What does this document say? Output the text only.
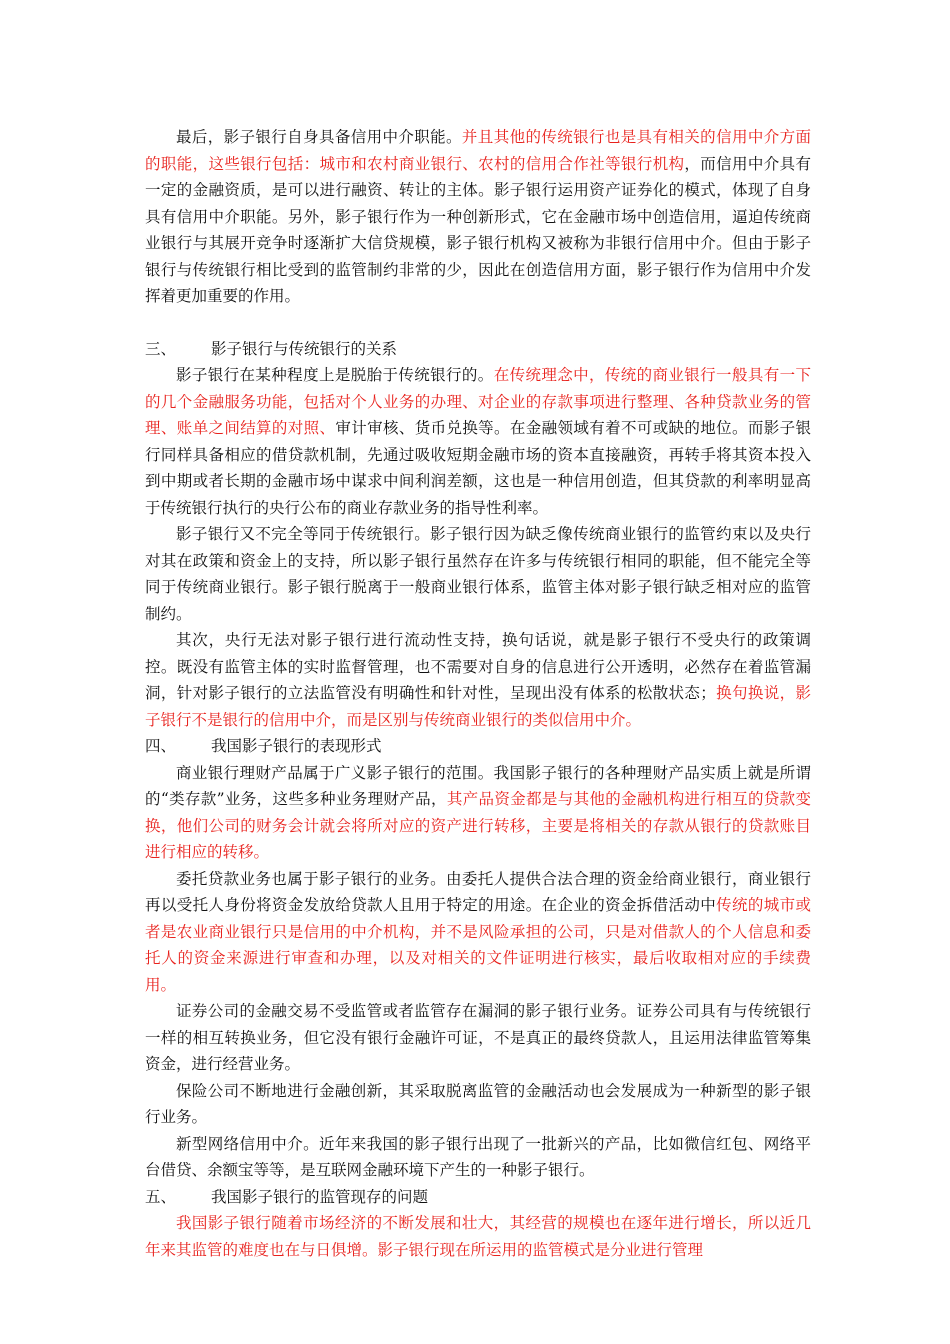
最后，影子银行自身具备信用中介职能。并且其他的传统银行也是具有相关的信用中介方面的职能，这些银行包括：城市和农村商业银行、农村的信用合作社等银行机构，而信用中介具有一定的金融资质，是可以进行融资、转让的主体。影子银行运用资产证券化的模式，体现了自身具有信用中介职能。另外，影子银行作为一种创新形式，它在金融市场中创造信用，逼迫传统商业银行与其展开竞争时逐渐扩大信贷规模，影子银行机构又被称为非银行信用中介。但由于影子银行与传统银行相比受到的监管制约非常的少，因此在创造信用方面，影子银行作为信用中介发挥着更加重要的作用。

三、 影子银行与传统银行的关系

影子银行在某种程度上是脱胎于传统银行的。在传统理念中，传统的商业银行一般具有一下的几个金融服务功能，包括对个人业务的办理、对企业的存款事项进行整理、各种贷款业务的管理、账单之间结算的对照、审计审核、货币兑换等。在金融领域有着不可或缺的地位。而影子银行同样具备相应的借贷款机制，先通过吸收短期金融市场的资本直接融资，再转手将其资本投入到中期或者长期的金融市场中谋求中间利润差额，这也是一种信用创造，但其贷款的利率明显高于传统银行执行的央行公布的商业存款业务的指导性利率。

影子银行又不完全等同于传统银行。影子银行因为缺乏像传统商业银行的监管约束以及央行对其在政策和资金上的支持，所以影子银行虽然存在许多与传统银行相同的职能，但不能完全等同于传统商业银行。影子银行脱离于一般商业银行体系，监管主体对影子银行缺乏相对应的监管制约。

其次，央行无法对影子银行进行流动性支持，换句话说，就是影子银行不受央行的政策调控。既没有监管主体的实时监督管理，也不需要对自身的信息进行公开透明，必然存在着监管漏洞，针对影子银行的立法监管没有明确性和针对性，呈现出没有体系的松散状态；换句换说，影子银行不是银行的信用中介，而是区别与传统商业银行的类似信用中介。

四、 我国影子银行的表现形式

商业银行理财产品属于广义影子银行的范围。我国影子银行的各种理财产品实质上就是所谓的“类存款”业务，这些多种业务理财产品，其产品资金都是与其他的金融机构进行相互的贷款变换，他们公司的财务会计就会将所对应的资产进行转移，主要是将相关的存款从银行的贷款账目进行相应的转移。

委托贷款业务也属于影子银行的业务。由委托人提供合法合理的资金给商业银行，商业银行再以受托人身份将资金发放给贷款人且用于特定的用途。在企业的资金拆借活动中传统的城市或者是农业商业银行只是信用的中介机构，并不是风险承担的公司，只是对借款人的个人信息和委托人的资金来源进行审查和办理，以及对相关的文件证明进行核实，最后收取相对应的手续费用。

证券公司的金融交易不受监管或者监管存在漏洞的影子银行业务。证券公司具有与传统银行一样的相互转换业务，但它没有银行金融许可证，不是真正的最终贷款人，且运用法律监管筹集资金，进行经营业务。

保险公司不断地进行金融创新，其采取脱离监管的金融活动也会发展成为一种新型的影子银行业务。

新型网络信用中介。近年来我国的影子银行出现了一批新兴的产品，比如微信红包、网络平台借贷、余额宝等等，是互联网金融环境下产生的一种影子银行。

五、 我国影子银行的监管现存的问题

我国影子银行随着市场经济的不断发展和壮大，其经营的规模也在逐年进行增长，所以近几年来其监管的难度也在与日俱增。影子银行现在所运用的监管模式是分业进行管理
